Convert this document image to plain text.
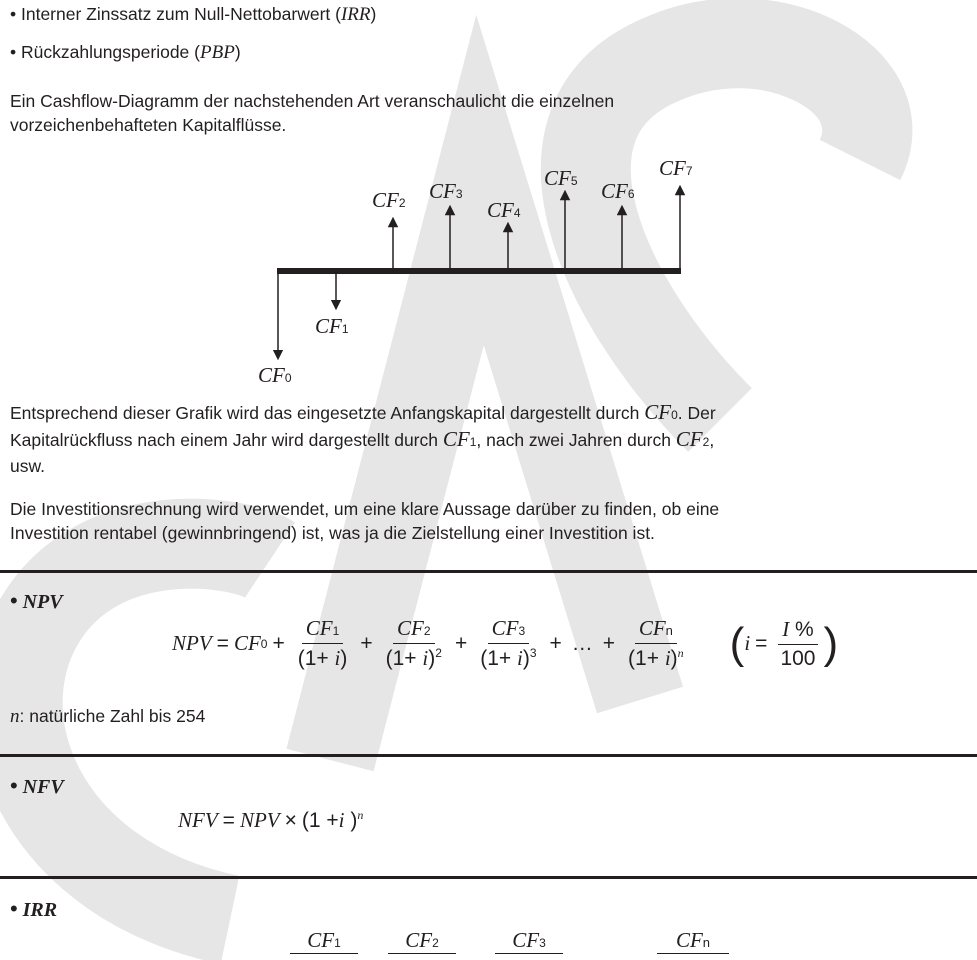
• Interner Zinssatz zum Null-Nettobarwert (IRR)
• Rückzahlungsperiode (PBP)
Ein Cashflow-Diagramm der nachstehenden Art veranschaulicht die einzelnen
vorzeichenbehafteten Kapitalflüsse.
CF0
CF1
CF2 CF3
CF4
CF5 CF6
CF7
Entsprechend dieser Grafik wird das eingesetzte Anfangskapital dargestellt durch CF0. Der
Kapitalrückfluss nach einem Jahr wird dargestellt durch CF1, nach zwei Jahren durch CF2,
usw.
Die Investitionsrechnung wird verwendet, um eine klare Aussage darüber zu finden, ob eine
Investition rentabel (gewinnbringend) ist, was ja die Zielstellung einer Investition ist.
• NPV
NPV = CF $0 + \frac{CF1}{(1+ i)} + \frac{CF2}{(1+ i)^2} + \frac{CF3}{(1+ i)^3}$ + … + $\frac{\text{CFn}}{(1+ i)^n}$ ( $i = \frac{I \%}{100}$ )
n: natürliche Zahl bis 254
• NFV
NFV = NPV × (1 + i
)$^n$
• IRR
CF1	CF2	CF3	CFn
